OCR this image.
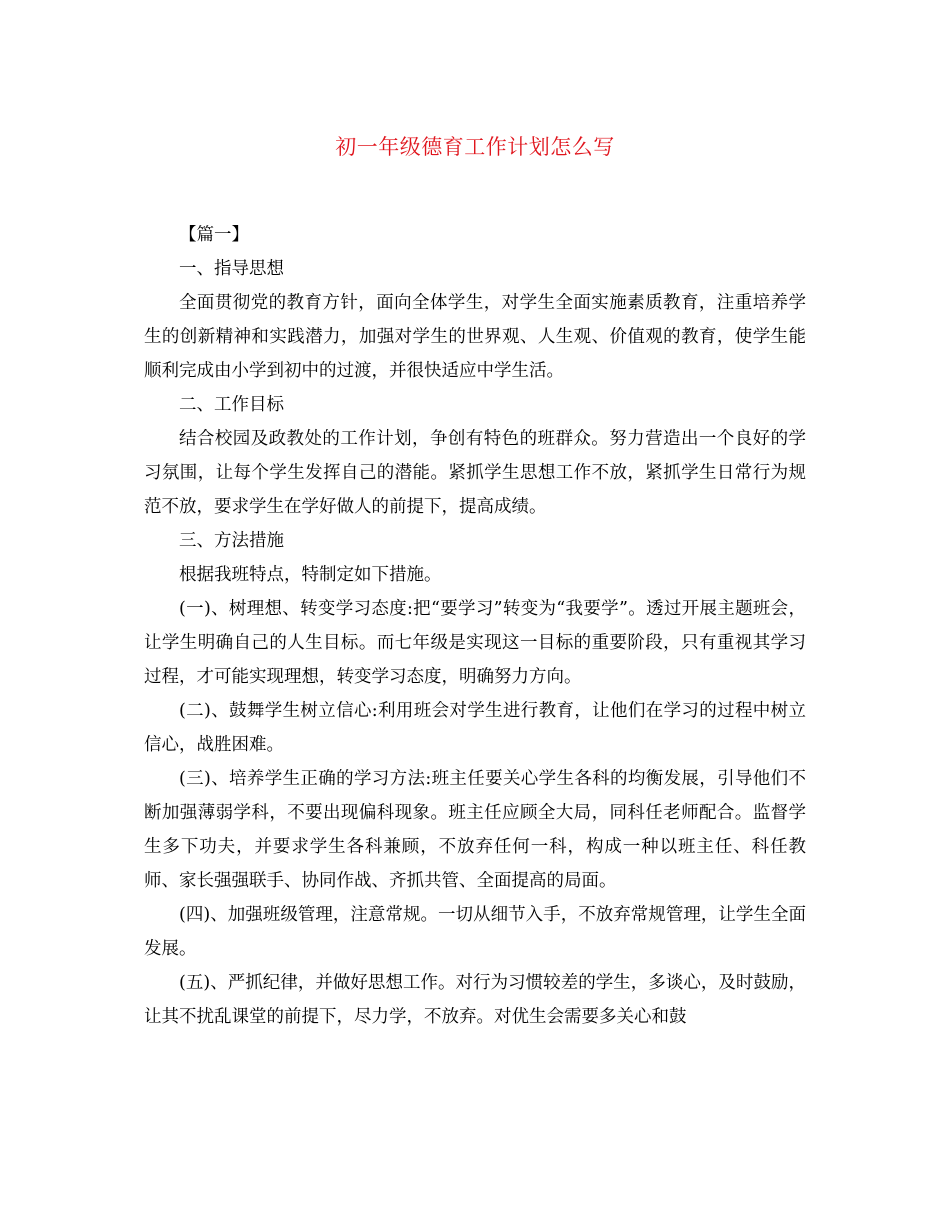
初一年级德育工作计划怎么写

【篇一】

一、指导思想

全面贯彻党的教育方针，面向全体学生，对学生全面实施素质教育，注重培养学生的创新精神和实践潜力，加强对学生的世界观、人生观、价值观的教育，使学生能顺利完成由小学到初中的过渡，并很快适应中学生活。

二、工作目标

结合校园及政教处的工作计划，争创有特色的班群众。努力营造出一个良好的学习氛围，让每个学生发挥自己的潜能。紧抓学生思想工作不放，紧抓学生日常行为规范不放，要求学生在学好做人的前提下，提高成绩。

三、方法措施

根据我班特点，特制定如下措施。

(一)、树理想、转变学习态度:把“要学习”转变为“我要学”。透过开展主题班会，让学生明确自己的人生目标。而七年级是实现这一目标的重要阶段，只有重视其学习过程，才可能实现理想，转变学习态度，明确努力方向。

(二)、鼓舞学生树立信心:利用班会对学生进行教育，让他们在学习的过程中树立信心，战胜困难。

(三)、培养学生正确的学习方法:班主任要关心学生各科的均衡发展，引导他们不断加强薄弱学科，不要出现偏科现象。班主任应顾全大局，同科任老师配合。监督学生多下功夫，并要求学生各科兼顾，不放弃任何一科，构成一种以班主任、科任教师、家长强强联手、协同作战、齐抓共管、全面提高的局面。

(四)、加强班级管理，注意常规。一切从细节入手，不放弃常规管理，让学生全面发展。

(五)、严抓纪律，并做好思想工作。对行为习惯较差的学生，多谈心，及时鼓励，让其不扰乱课堂的前提下，尽力学，不放弃。对优生会需要多关心和鼓
